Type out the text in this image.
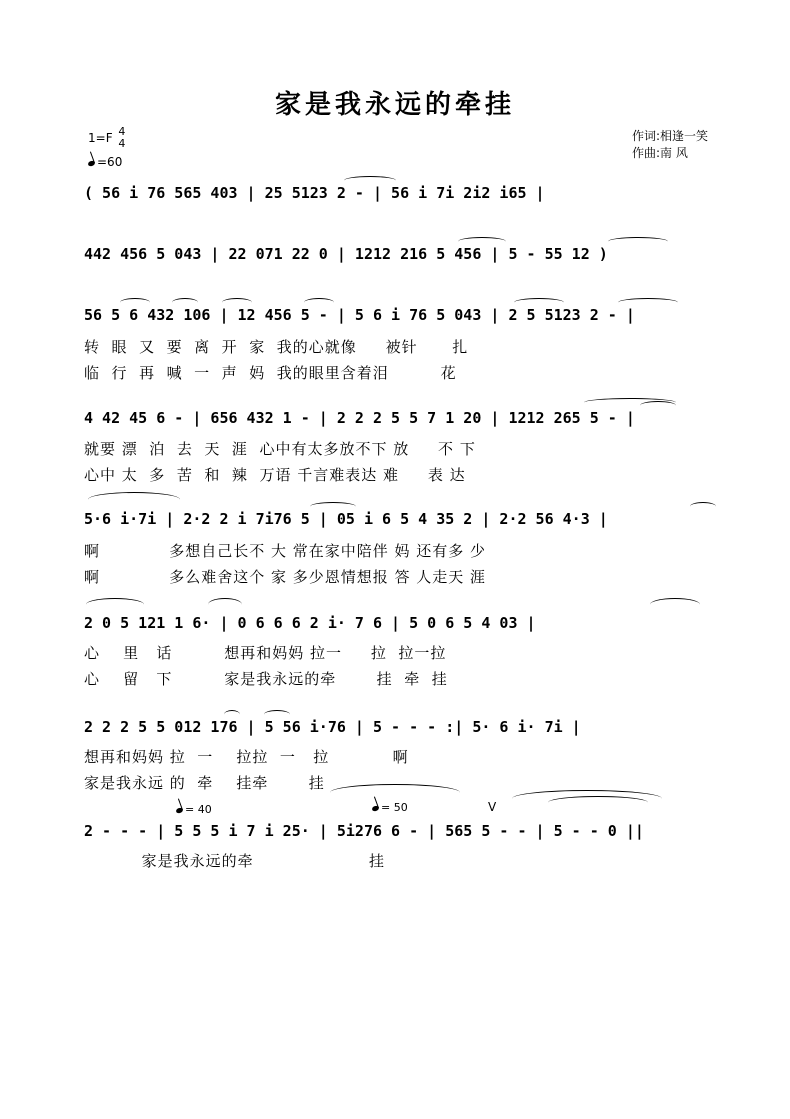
家是我永远的牵挂
1=F 4
4
=60
作词:相逢一笑
作曲:南 风
( 56 i 76 565 403 | 25 5123 2 - | 56 i 7i 2i2 i65 |
442 456 5 043 | 22 071 22 0 | 1212 216 5 456 | 5 - 55 12 )
56 5 6 432 106 | 12 456 5 - | 5 6 i 76 5 043 | 2 5 5123 2 - |
转  眼  又  要  离  开  家  我的心就像     被针      扎
临  行  再  喊  一  声  妈  我的眼里含着泪         花
4 42 45 6 - | 656 432 1 - | 2 2 2 5 5 7 1 20 | 1212 265 5 - |
就要 漂  泊  去  天  涯  心中有太多放不下 放     不 下
心中 太  多  苦  和  辣  万语 千言难表达 难     表 达
5·6 i·7i | 2·2 2 i 7i76 5 | 05 i 6 5 4 35 2 | 2·2 56 4·3 |
啊            多想自己长不 大 常在家中陪伴 妈 还有多 少
啊            多么难舍这个 家 多少恩情想报 答 人走天 涯
2 0 5 121 1 6· | 0 6 6 6 2 i· 7 6 | 5 0 6 5 4 03 |
心    里   话         想再和妈妈 拉一     拉  拉一拉
心    留   下         家是我永远的牵       挂  牵  挂
2 2 2 5 5 012 176 | 5 56 i·76 | 5 - - - :| 5· 6 i· 7i |
想再和妈妈 拉  一    拉拉  一   拉           啊
家是我永远 的  牵    挂牵       挂
= 40	= 50	V
2 - - - | 5 5 5 i 7 i 25· | 5i276 6 - | 565 5 - - | 5 - - 0 ||
家是我永远的牵                    挂
